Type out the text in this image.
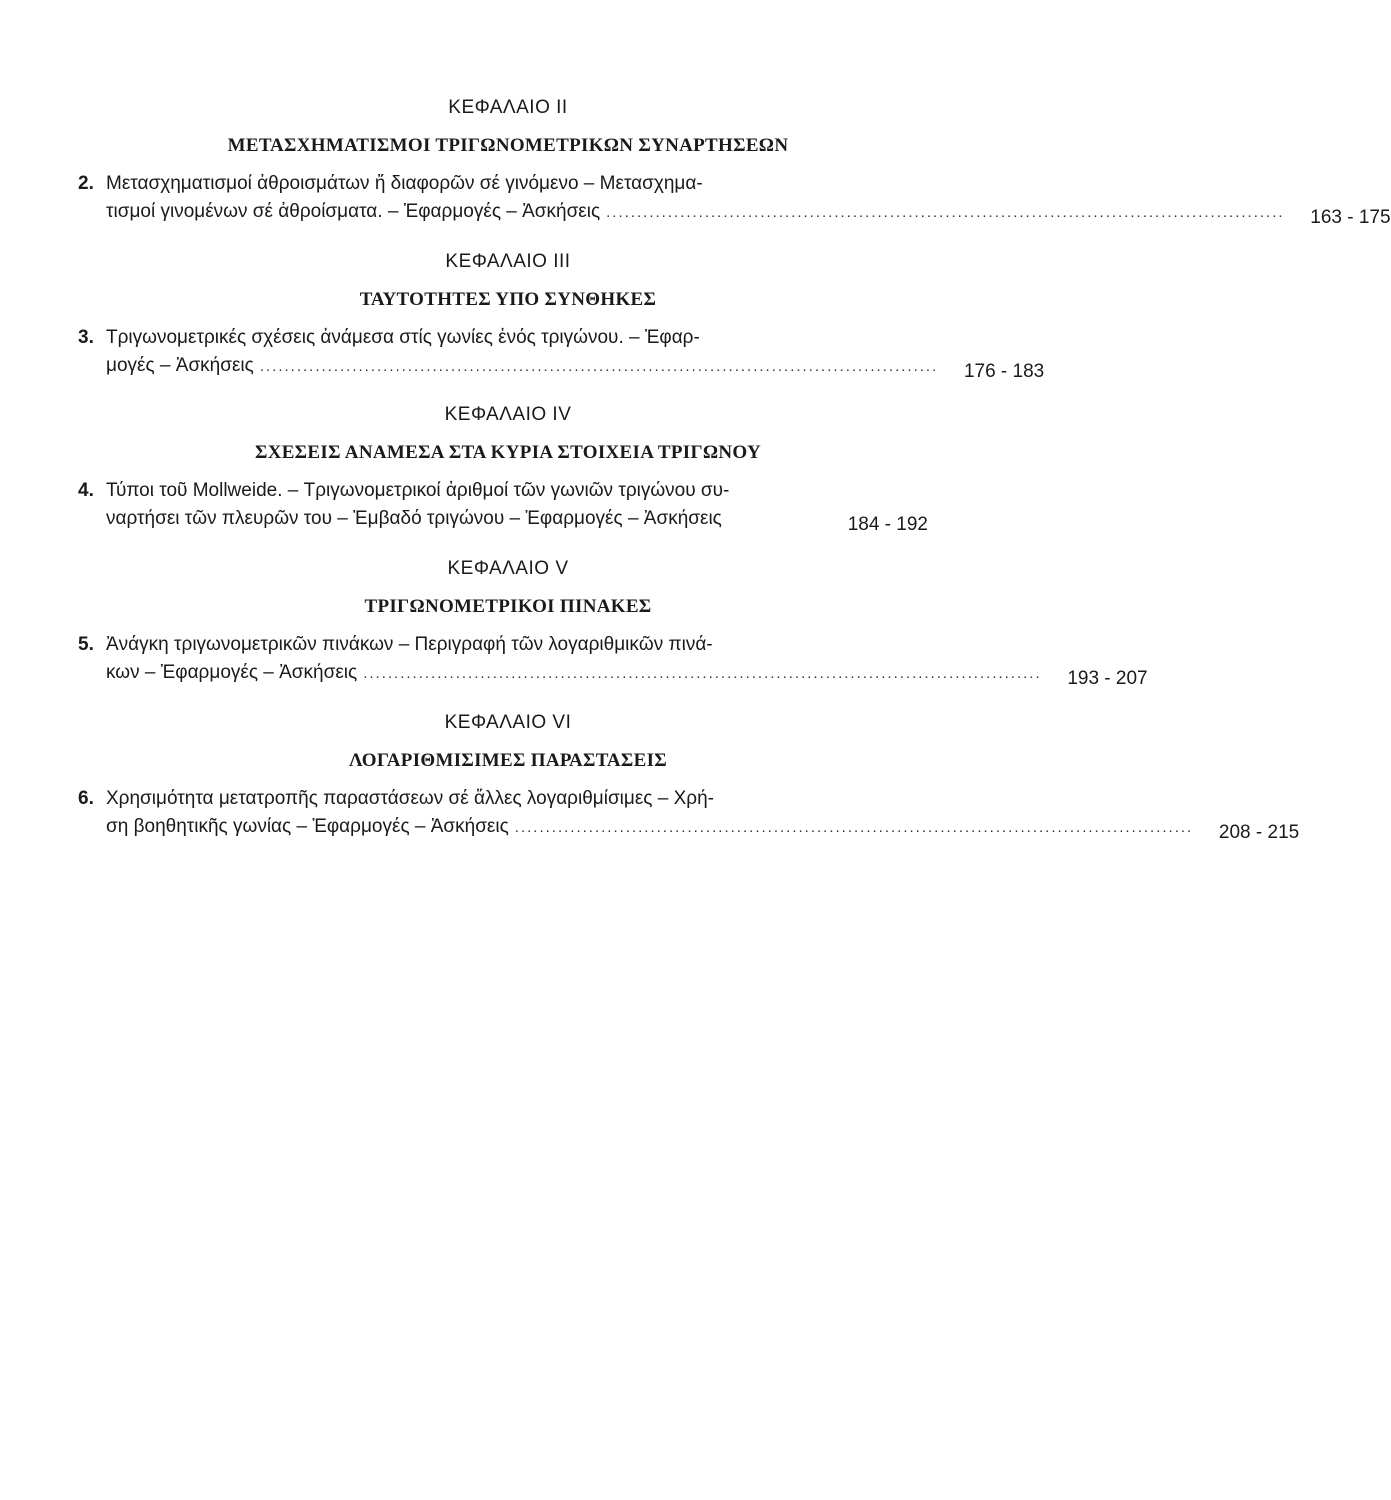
ΚΕΦΑΛΑΙΟ ΙΙ
ΜΕΤΑΣΧΗΜΑΤΙΣΜΟΙ ΤΡΙΓΩΝΟΜΕΤΡΙΚΩΝ ΣΥΝΑΡΤΗΣΕΩΝ
2. Μετασχηματισμοί ἀθροισμάτων ἤ διαφορῶν σέ γινόμενο – Μετασχημα-
τισμοί γινομένων σέ ἀθροίσματα. – Ἐφαρμογές – Ἀσκήσεις ..............................................................................................................	163 - 175
ΚΕΦΑΛΑΙΟ ΙΙΙ
ΤΑΥΤΟΤΗΤΕΣ ΥΠΟ ΣΥΝΘΗΚΕΣ
3. Τριγωνομετρικές σχέσεις ἀνάμεσα στίς γωνίες ἑνός τριγώνου. – Ἐφαρ-
μογές – Ἀσκήσεις ..............................................................................................................	176 - 183
ΚΕΦΑΛΑΙΟ ΙV
ΣΧΕΣΕΙΣ ΑΝΑΜΕΣΑ ΣΤΑ ΚΥΡΙΑ ΣΤΟΙΧΕΙΑ ΤΡΙΓΩΝΟΥ
4. Τύποι τοῦ Mollweide. – Τριγωνομετρικοί ἀριθμοί τῶν γωνιῶν τριγώνου συ-
ναρτήσει τῶν πλευρῶν του – Ἐμβαδό τριγώνου – Ἐφαρμογές – Ἀσκήσεις	184 - 192
ΚΕΦΑΛΑΙΟ V
ΤΡΙΓΩΝΟΜΕΤΡΙΚΟΙ ΠΙΝΑΚΕΣ
5. Ἀνάγκη τριγωνομετρικῶν πινάκων – Περιγραφή τῶν λογαριθμικῶν πινά-
κων – Ἐφαρμογές – Ἀσκήσεις ..............................................................................................................	193 - 207
ΚΕΦΑΛΑΙΟ VI
ΛΟΓΑΡΙΘΜΙΣΙΜΕΣ ΠΑΡΑΣΤΑΣΕΙΣ
6. Χρησιμότητα μετατροπῆς παραστάσεων σέ ἄλλες λογαριθμίσιμες – Χρή-
ση βοηθητικῆς γωνίας – Ἐφαρμογές – Ἀσκήσεις ..............................................................................................................	208 - 215
